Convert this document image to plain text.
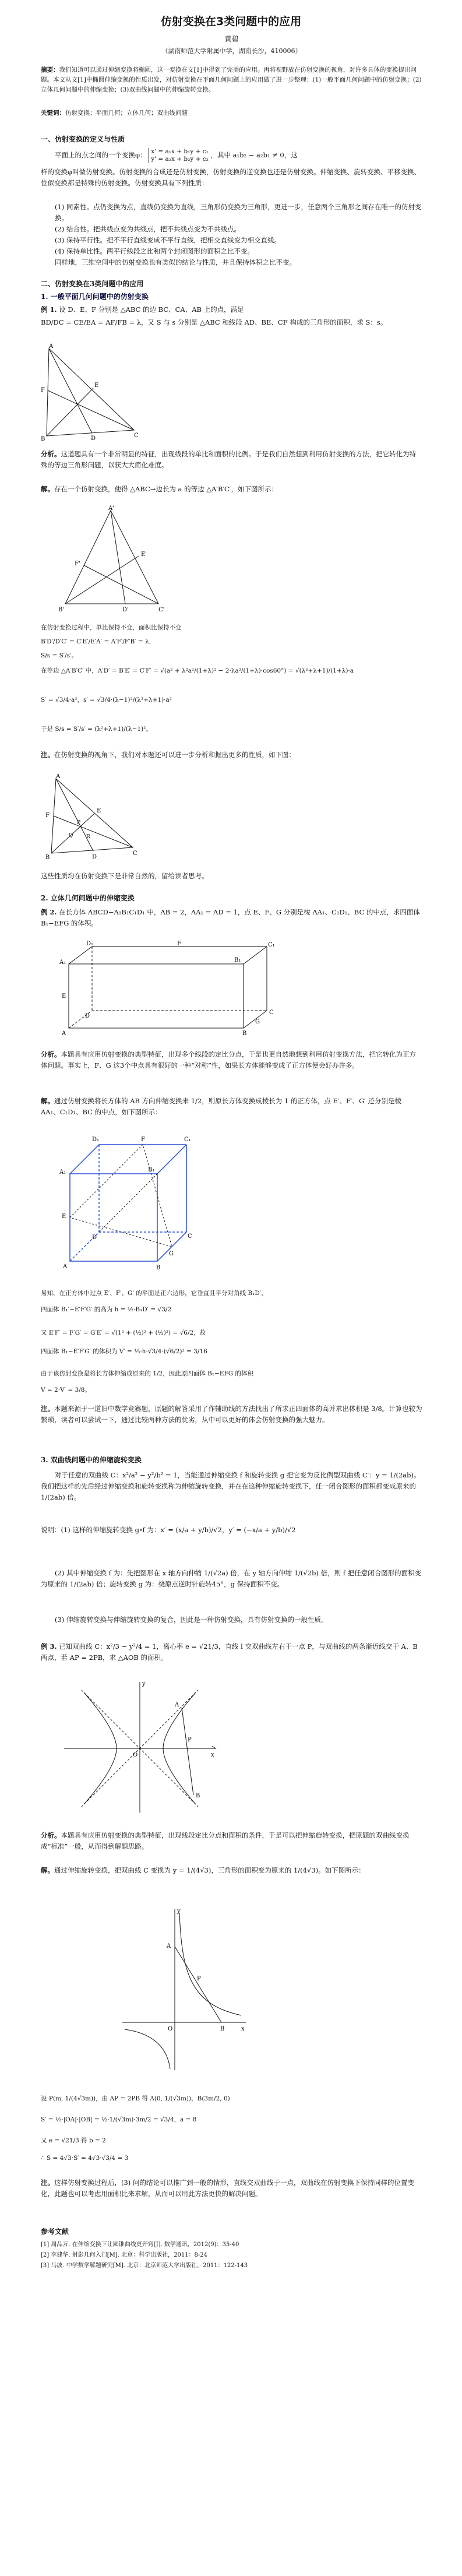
仿射变换在3类问题中的应用
黄碧
（湖南师范大学附属中学，湖南长沙，410006）
摘要：我们知道可以通过伸缩变换将椭圆，这一变换在文[1]中得到了完美的应用。再将视野放在仿射变换的视角，对许多具体的变换提出问题。本文从文[1]中椭圆伸缩变换的性质出发，对仿射变换在平面几何问题上的应用做了进一步整理：(1)一般平面几何问题中的仿射变换；(2)立体几何问题中的伸缩变换；(3)双曲线问题中的伸缩旋转变换。
关键词：仿射变换；平面几何；立体几何；双曲线问题
一、仿射变换的定义与性质
平面上的点之间的一个变换φ： x' = a₁x + b₁y + c₁
y' = a₂x + b₂y + c₂ ，其中 a₁b₂ − a₂b₁ ≠ 0，这
样的变换φ叫做仿射变换。仿射变换的合成还是仿射变换，仿射变换的逆变换也还是仿射变换。伸缩变换、旋转变换、平移变换、位似变换都是特殊的仿射变换。仿射变换具有下列性质：
(1) 同素性。点仍变换为点，直线仍变换为直线，三角形仍变换为三角形，更进一步，任意两个三角形之间存在唯一的仿射变换。
(2) 结合性。把共线点变为共线点，把不共线点变为不共线点。
(3) 保持平行性。把不平行直线变成不平行直线，把相交直线变为相交直线。
(4) 保持单比性。两平行线段之比和两个封闭图形的面积之比不变。
同样地，三维空间中的仿射变换也有类似的结论与性质，并且保持体积之比不变。
二、仿射变换在3类问题中的应用
1. 一般平面几何问题中的仿射变换
例 1. 设 D、E、F 分别是 △ABC 的边 BC、CA、AB 上的点，满足
BD/DC = CE/EA = AF/FB = λ，又 S 与 s 分别是 △ABC 和线段 AD、BE、CF 构成的三角形的面积，求 S：s。
A
B
C
D
E
F
分析。这道题具有一个非常明显的特征，出现线段的单比和面积的比例。于是我们自然想到利用仿射变换的方法，把它转化为特殊的等边三角形问题，以获大大简化难度。
解。存在一个仿射变换，使得 △ABC→边长为 a 的等边 △A′B′C′，如下图所示：
A'
B'	C'
D'
E'
F'
在仿射变换过程中，单比保持不变，面积比保持不变
B′D′/D′C′ = C′E′/E′A′ = A′F′/F′B′ = λ，
S/s = S′/s′。
在等边 △A′B′C′ 中，A′D′ = B′E′ = C′F′ = √(a² + λ²a²/(1+λ)² − 2·λa²/(1+λ)·cos60°) = √(λ²+λ+1)/(1+λ)·a
S′ = √3/4·a²，s′ = √3/4·(λ−1)²/(λ²+λ+1)·a²
于是 S/s = S′/s′ = (λ²+λ+1)/(λ−1)²。
注。在仿射变换的视角下，我们对本题还可以进一步分析和掘出更多的性质，如下图：
A
B
C
D
E
F
P
Q	R
这些性质均在仿射变换下是非常自然的，留给读者思考。
2. 立体几何问题中的伸缩变换
例 2. 在长方体 ABCD−A₁B₁C₁D₁ 中，AB = 2，AA₁ = AD = 1，点 E、F、G 分别是棱 AA₁、C₁D₁、BC 的中点，求四面体 B₁−EFG 的体积。
A	B
C
D
A₁	B₁
C₁
D₁
E
F
G
分析。本题具有应用仿射变换的典型特征，出现多个线段的定比分点，于是也更自然地想到利用仿射变换方法，把它转化为正方体问题。事实上，F、G 这3个中点具有很好的一种“对称”性，如果长方体能够变成了正方体便会好办许多。
解。通过仿射变换将长方体的 AB 方向伸缩变换来 1/2，则原长方体变换成棱长为 1 的正方体，点 E′、F′、G′ 还分别是棱 AA₁、C₁D₁、BC 的中点，如下图所示：
A	B
C
D
A₁	B₁
C₁
D₁
E
F
G
易知，在正方体中过点 E′、F′、G′ 的平面是正六边形，它垂直且平分对角线 B₁D′，
四面体 B₁′−E′F′G′ 的高为 h = ½·B₁D′ = √3/2
又 E′F′ = F′G′ = G′E′ = √(1² + (½)² + (½)²) = √6/2，故
四面体 B₁−E′F′G′ 的体积为 V′ = ⅓·h·√3/4·(√6/2)² = 3/16
由于该仿射变换是将长方体伸缩成原来的 1/2，因此原四面体 B₁−EFG 的体积
V = 2·V′ = 3/8。
注。本题来源于一道旧中数学竞赛题，原题的解答采用了作辅助线的方法找出了所求正四面体的高并求出体积是 3/8。计算也较为繁琐，读者可以尝试一下，通过比较两种方法的优劣，从中可以更好的体会仿射变换的强大魅力。
3. 双曲线问题中的伸缩旋转变换
对于任意的双曲线 C：x²/a² − y²/b² = 1，当能通过伸缩变换 f 和旋转变换 g 把它变为反比例型双曲线 C′：y = 1/(2ab)。我们把这样的先后经过伸缩变换和旋转变换称为伸缩旋转变换，并在在这种伸缩旋转变换下，任一闭合图形的面积都变成原来的 1/(2ab) 倍。
说明：(1) 这样的伸缩旋转变换 g∘f 为：x′ = (x/a + y/b)/√2，y′ = (−x/a + y/b)/√2
(2) 其中伸缩变换 f 为：先把图形在 x 轴方向伸缩 1/(√2a) 倍，在 y 轴方向伸缩 1/(√2b) 倍，则 f 把任意闭合图形的面积变为原来的 1/(2ab) 倍；旋转变换 g 为：绕原点逆时针旋转45°，g 保持面积不变。
(3) 伸缩旋转变换与伸缩旋转变换的复合，因此是一种仿射变换，具有仿射变换的一般性质。
例 3. 已知双曲线 C：x²/3 − y²/4 = 1，离心率 e = √21/3，直线 l 交双曲线左右于一点 P，与双曲线的两条渐近线交于 A、B 两点，若 AP = 2PB，求 △AOB 的面积。
y
x
O
A
B
P
分析。本题具有应用仿射变换的典型特征，出现线段定比分点和面积的条件，于是可以把伸缩旋转变换，把原题的双曲线变换成“标准”一般，从而得到解题思路。
解。通过伸缩旋转变换，把双曲线 C 变换为 y = 1/(4√3)，三角形的面积变为原来的 1/(4√3)。如下图所示：
y
x
O
A
B
P
设 P(m, 1/(4√3m))，由 AP = 2PB 得 A(0, 1/(√3m))，B(3m/2, 0)
S′ = ½·|OA|·|OB| = ½·1/(√3m)·3m/2 = √3/4，a = 8
又 e = √21/3 得 b = 2
∴ S = 4√3·S′ = 4√3·√3/4 = 3
注。这样仿射变换过程后，(3) 问的结论可以推广到一般的情形，直线交双曲线于一点，双曲线在仿射变换下保持同样的位置变化，此题也可以考虑用面积比来求解，从而可以用此方法更快的解决问题。
参考文献
[1] 周品万. 在伸缩变换下让圆锥曲线更开窍[J]. 数学通讯，2012(9)：35-40
[2] 李建华. 射影几何入门[M]. 北京：科学出版社，2011：8-24
[3] 马波. 中学数学解题研究[M]. 北京：北京师范大学出版社，2011：122-143
